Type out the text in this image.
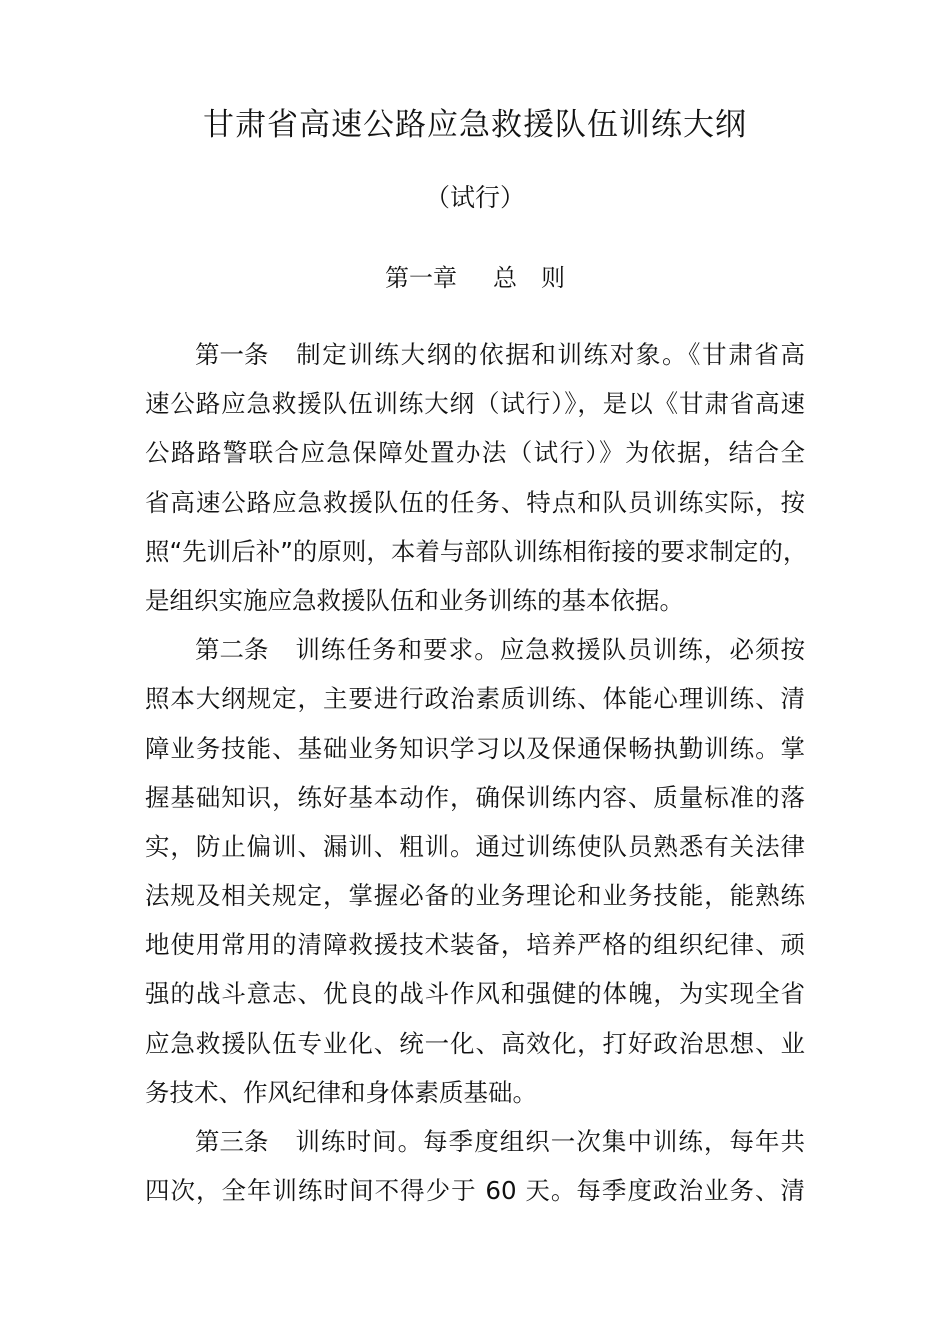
甘肃省高速公路应急救援队伍训练大纲
（试行）
第一章 总 则
第一条 制定训练大纲的依据和训练对象。《甘肃省高
速公路应急救援队伍训练大纲（试行）》，是以《甘肃省高速
公路路警联合应急保障处置办法（试行）》为依据，结合全
省高速公路应急救援队伍的任务、特点和队员训练实际，按
照“先训后补”的原则，本着与部队训练相衔接的要求制定的，
是组织实施应急救援队伍和业务训练的基本依据。
第二条 训练任务和要求。应急救援队员训练，必须按
照本大纲规定，主要进行政治素质训练、体能心理训练、清
障业务技能、基础业务知识学习以及保通保畅执勤训练。掌
握基础知识，练好基本动作，确保训练内容、质量标准的落
实，防止偏训、漏训、粗训。通过训练使队员熟悉有关法律
法规及相关规定，掌握必备的业务理论和业务技能，能熟练
地使用常用的清障救援技术装备，培养严格的组织纪律、顽
强的战斗意志、优良的战斗作风和强健的体魄，为实现全省
应急救援队伍专业化、统一化、高效化，打好政治思想、业
务技术、作风纪律和身体素质基础。
第三条 训练时间。每季度组织一次集中训练，每年共
四次，全年训练时间不得少于 60 天。每季度政治业务、清
